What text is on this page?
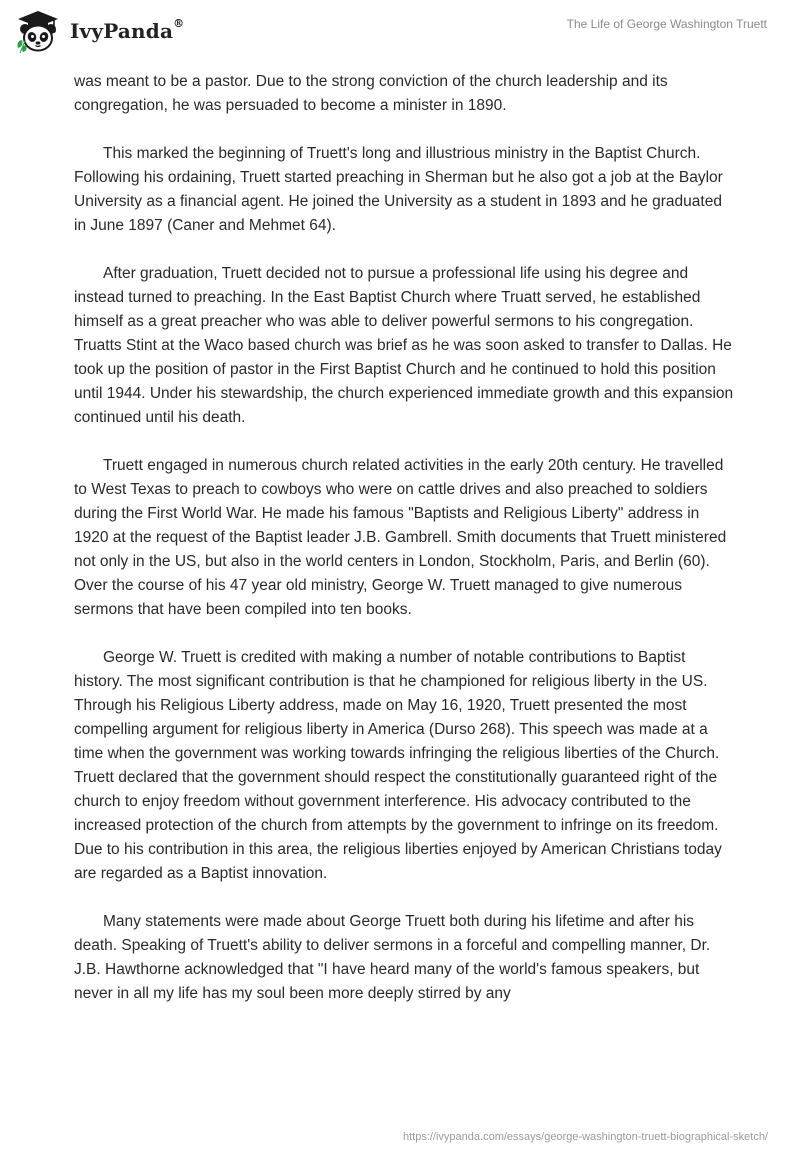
IvyPanda®	The Life of George Washington Truett

was meant to be a pastor. Due to the strong conviction of the church leadership and its congregation, he was persuaded to become a minister in 1890.

This marked the beginning of Truett's long and illustrious ministry in the Baptist Church. Following his ordaining, Truett started preaching in Sherman but he also got a job at the Baylor University as a financial agent. He joined the University as a student in 1893 and he graduated in June 1897 (Caner and Mehmet 64).

After graduation, Truett decided not to pursue a professional life using his degree and instead turned to preaching. In the East Baptist Church where Truatt served, he established himself as a great preacher who was able to deliver powerful sermons to his congregation. Truatts Stint at the Waco based church was brief as he was soon asked to transfer to Dallas. He took up the position of pastor in the First Baptist Church and he continued to hold this position until 1944. Under his stewardship, the church experienced immediate growth and this expansion continued until his death.

Truett engaged in numerous church related activities in the early 20th century. He travelled to West Texas to preach to cowboys who were on cattle drives and also preached to soldiers during the First World War. He made his famous "Baptists and Religious Liberty" address in 1920 at the request of the Baptist leader J.B. Gambrell. Smith documents that Truett ministered not only in the US, but also in the world centers in London, Stockholm, Paris, and Berlin (60). Over the course of his 47 year old ministry, George W. Truett managed to give numerous sermons that have been compiled into ten books.

George W. Truett is credited with making a number of notable contributions to Baptist history. The most significant contribution is that he championed for religious liberty in the US. Through his Religious Liberty address, made on May 16, 1920, Truett presented the most compelling argument for religious liberty in America (Durso 268). This speech was made at a time when the government was working towards infringing the religious liberties of the Church. Truett declared that the government should respect the constitutionally guaranteed right of the church to enjoy freedom without government interference. His advocacy contributed to the increased protection of the church from attempts by the government to infringe on its freedom. Due to his contribution in this area, the religious liberties enjoyed by American Christians today are regarded as a Baptist innovation.

Many statements were made about George Truett both during his lifetime and after his death. Speaking of Truett's ability to deliver sermons in a forceful and compelling manner, Dr. J.B. Hawthorne acknowledged that "I have heard many of the world's famous speakers, but never in all my life has my soul been more deeply stirred by any

https://ivypanda.com/essays/george-washington-truett-biographical-sketch/
